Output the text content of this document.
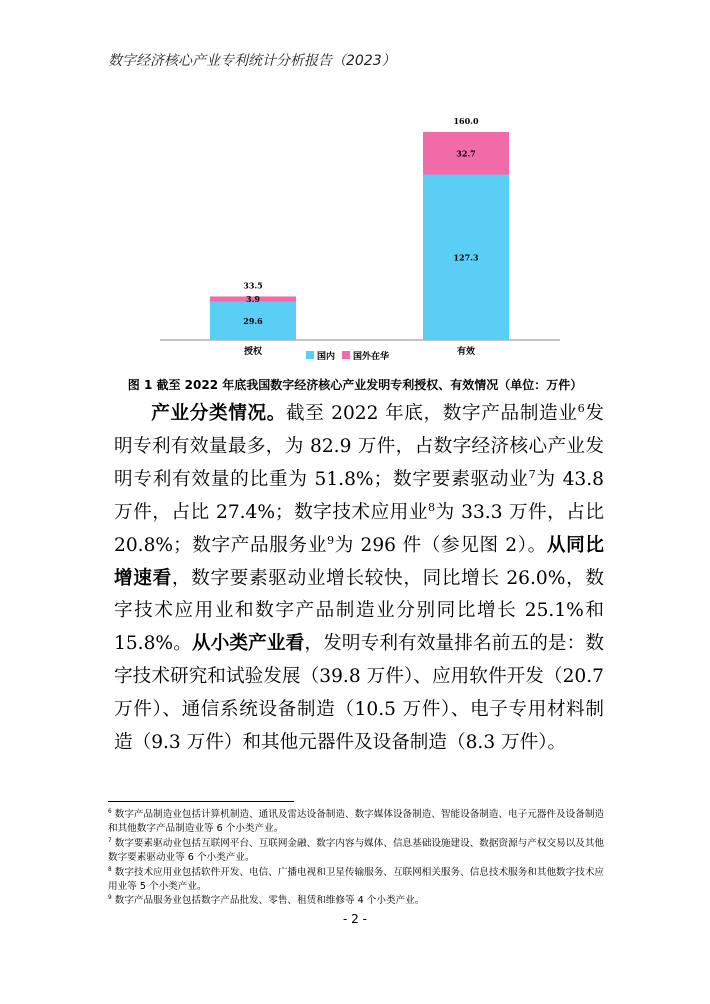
数字经济核心产业专利统计分析报告（2023）
29.6
3.9
33.5
授权
127.3
32.7
160.0
有效
国内 国外在华
图 1 截至 2022 年底我国数字经济核心产业发明专利授权、有效情况（单位：万件）

产业分类情况。截至 2022 年底，数字产品制造业$^6$发明专利有效量最多，为 82.9 万件，占数字经济核心产业发明专利有效量的比重为 51.8%；数字要素驱动业$^7$为 43.8 万件，占比 27.4%；数字技术应用业$^8$为 33.3 万件，占比 20.8%；数字产品服务业$^9$为 296 件（参见图 2）。从同比增速看，数字要素驱动业增长较快，同比增长 26.0%，数字技术应用业和数字产品制造业分别同比增长 25.1%和 15.8%。从小类产业看，发明专利有效量排名前五的是：数字技术研究和试验发展（39.8 万件）、应用软件开发（20.7 万件）、通信系统设备制造（10.5 万件）、电子专用材料制造（9.3 万件）和其他元器件及设备制造（8.3 万件）。

$^6$ 数字产品制造业包括计算机制造、通讯及雷达设备制造、数字媒体设备制造、智能设备制造、电子元器件及设备制造和其他数字产品制造业等 6 个小类产业。

$^7$ 数字要素驱动业包括互联网平台、互联网金融、数字内容与媒体、信息基础设施建设、数据资源与产权交易以及其他数字要素驱动业等 6 个小类产业。

$^8$ 数字技术应用业包括软件开发、电信、广播电视和卫星传输服务、互联网相关服务、信息技术服务和其他数字技术应用业等 5 个小类产业。

$^9$ 数字产品服务业包括数字产品批发、零售、租赁和维修等 4 个小类产业。

- 2 -
